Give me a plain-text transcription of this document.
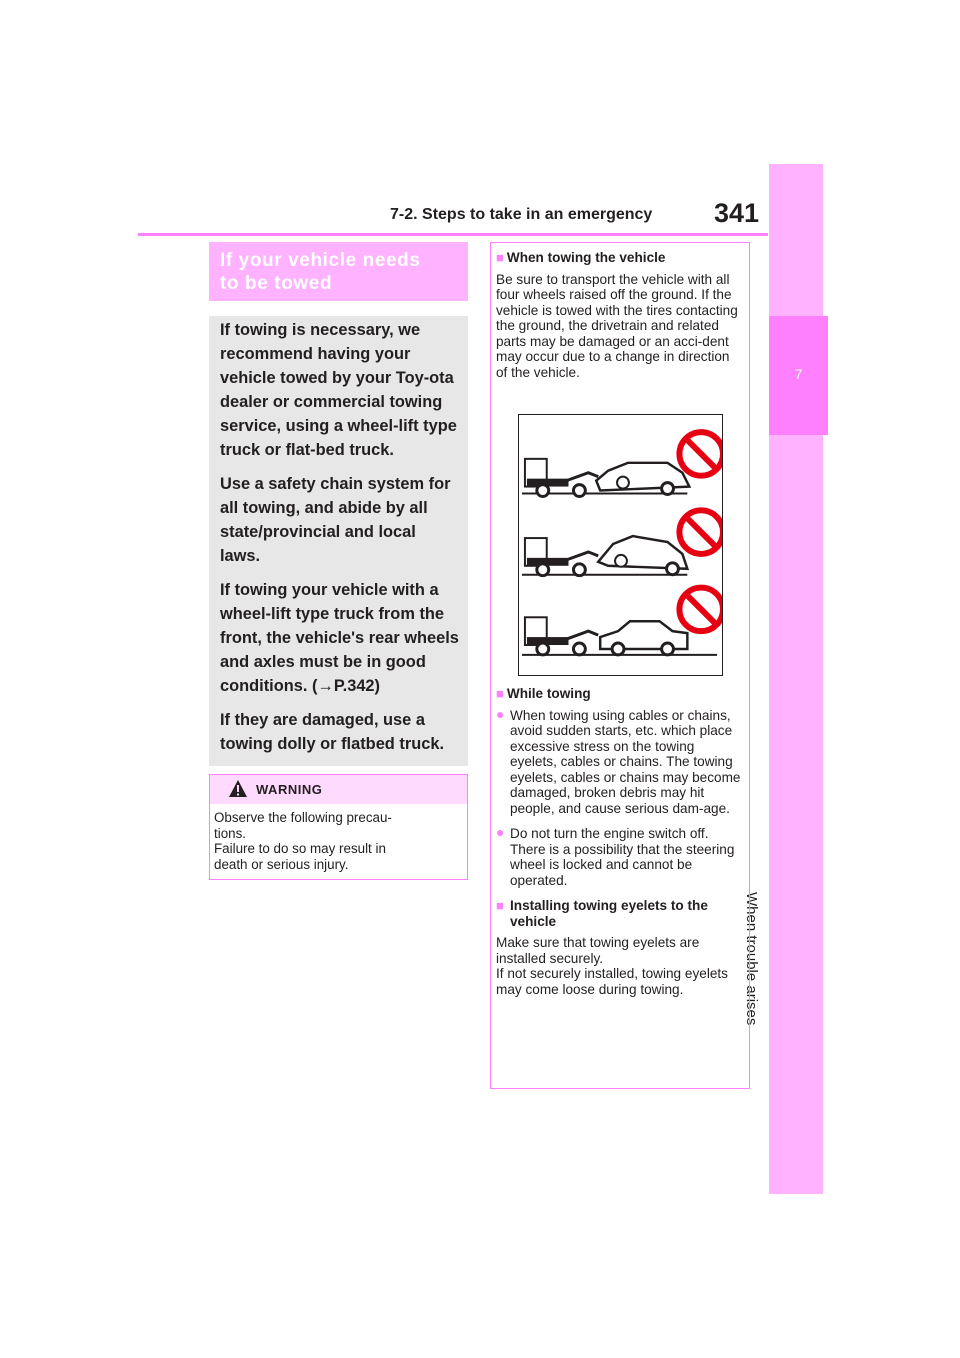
7-2. Steps to take in an emergency 341
7
When trouble arises
If your vehicle needs
to be towed

If towing is necessary, we recommend having your vehicle towed by your Toy-ota dealer or commercial towing service, using a wheel-lift type truck or flat-bed truck.

Use a safety chain system for all towing, and abide by all state/provincial and local laws.

If towing your vehicle with a wheel-lift type truck from the front, the vehicle's rear wheels and axles must be in good conditions. (→P.342)

If they are damaged, use a towing dolly or flatbed truck.

WARNING
Observe the following precau-
tions.
Failure to do so may result in
death or serious injury.
■ When towing the vehicle
Be sure to transport the vehicle with all four wheels raised off the ground. If the vehicle is towed with the tires contacting the ground, the drivetrain and related parts may be damaged or an acci-dent may occur due to a change in direction of the vehicle.
■ While towing
● When towing using cables or chains, avoid sudden starts, etc. which place excessive stress on the towing eyelets, cables or chains. The towing eyelets, cables or chains may become damaged, broken debris may hit people, and cause serious dam-age.
● Do not turn the engine switch off.
There is a possibility that the steering wheel is locked and cannot be operated.
■ Installing towing eyelets to the vehicle
Make sure that towing eyelets are installed securely.
If not securely installed, towing eyelets may come loose during towing.
